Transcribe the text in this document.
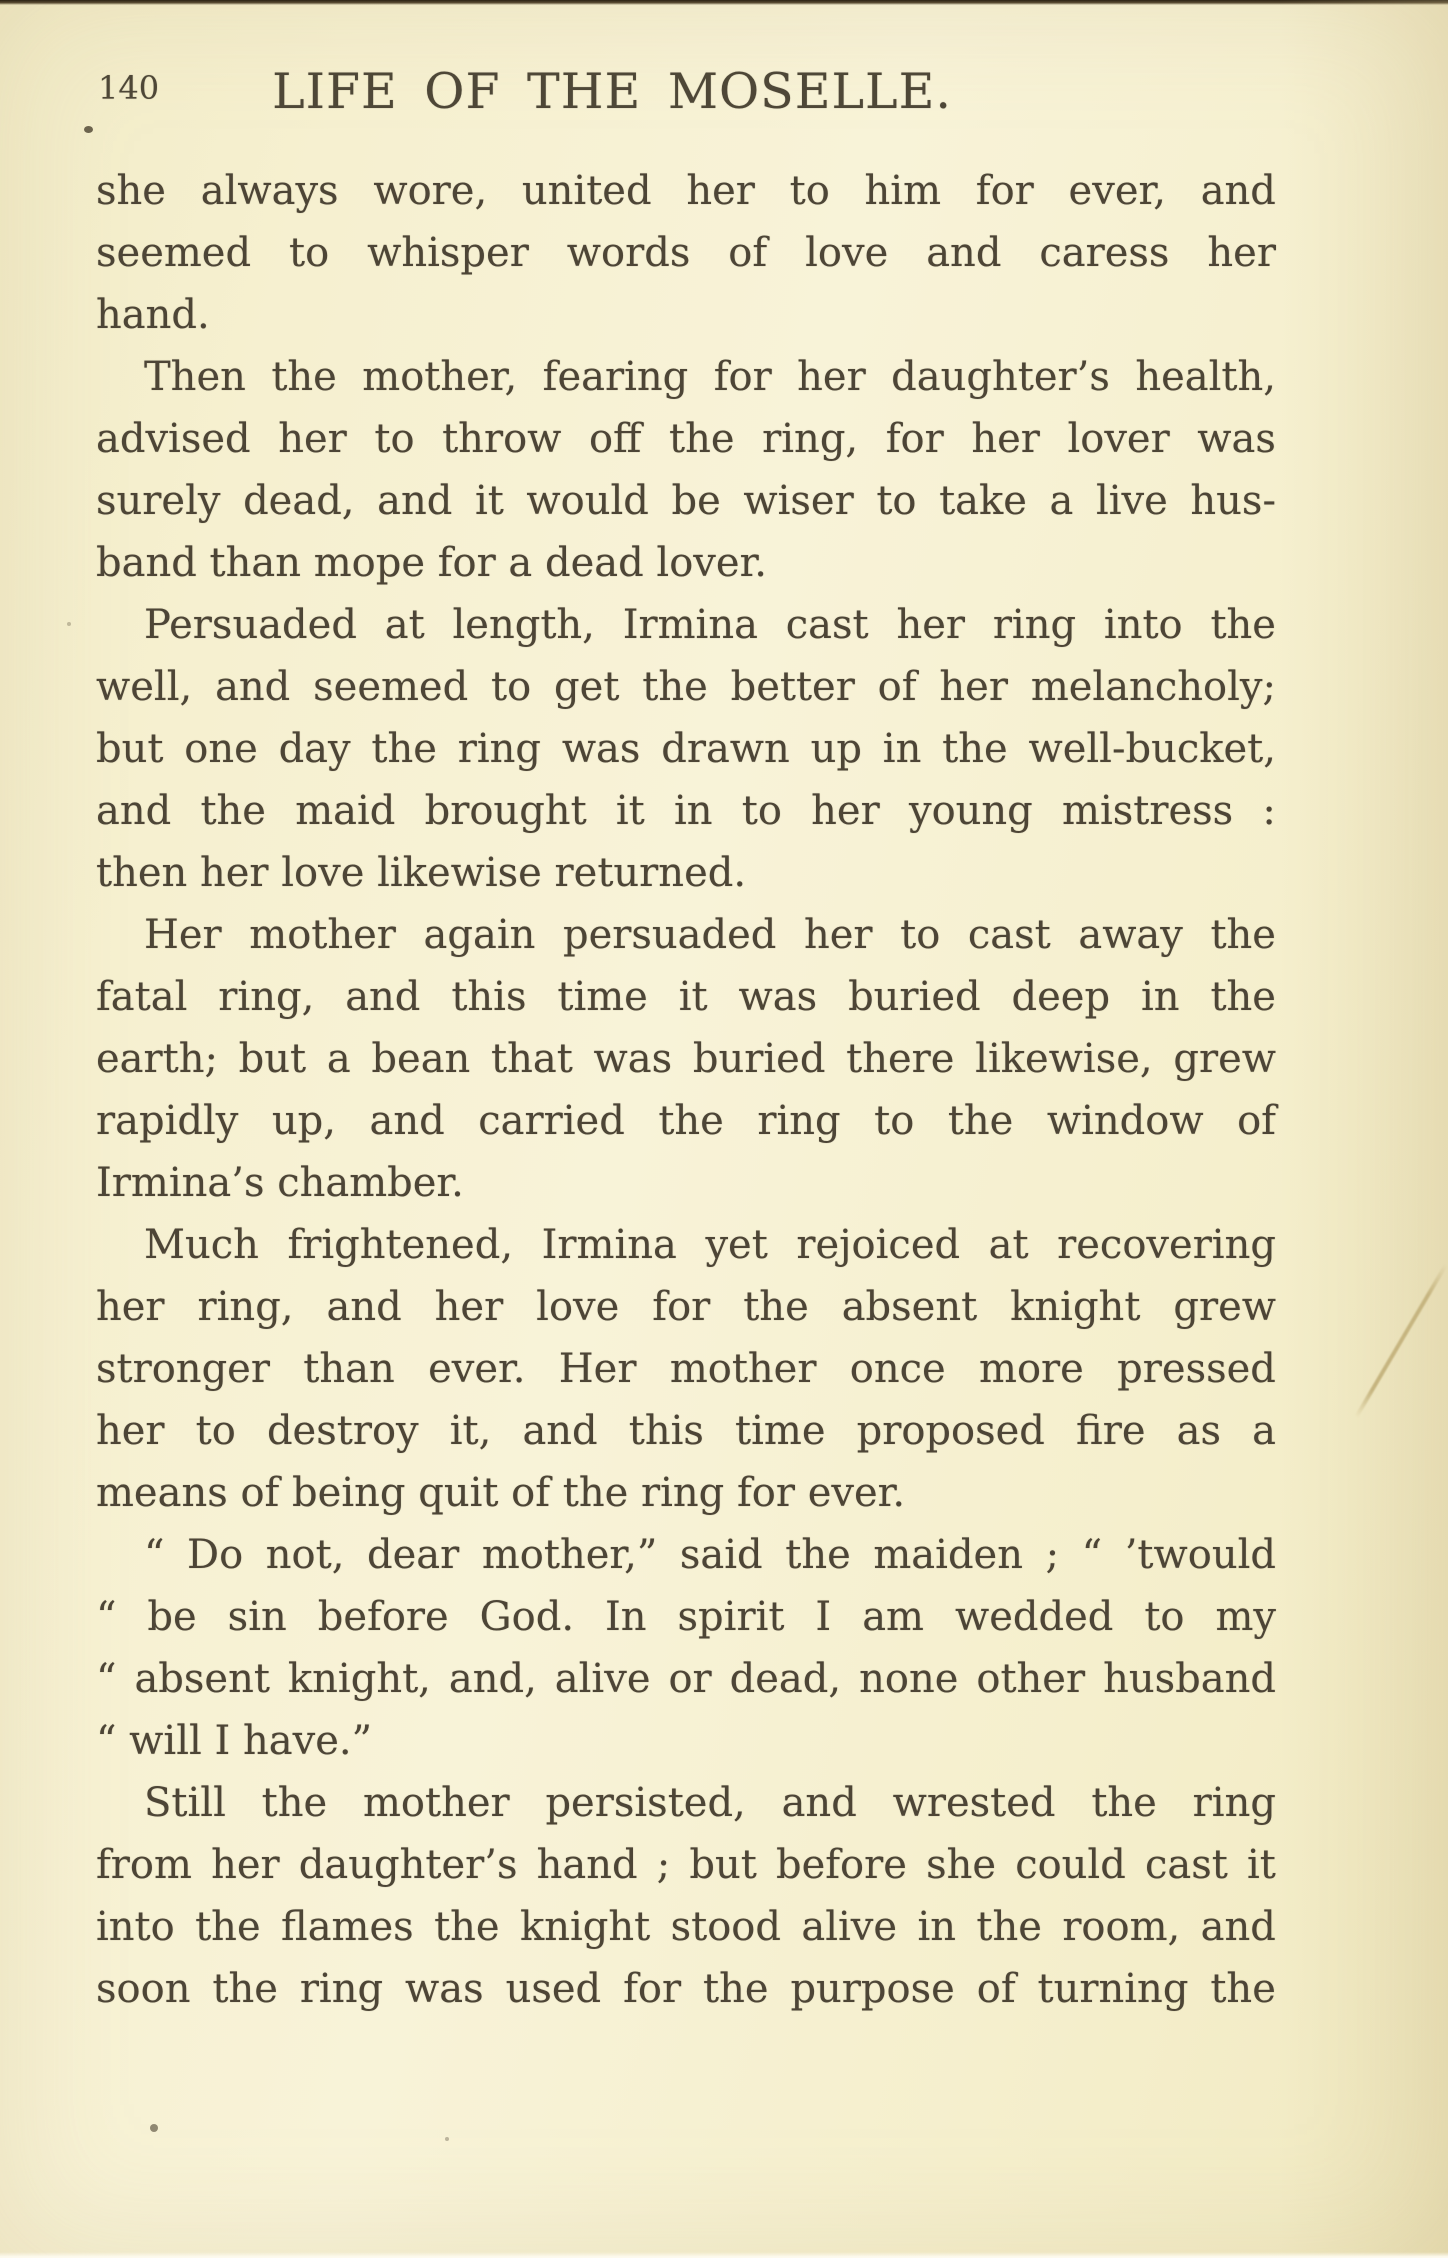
140 LIFE OF THE MOSELLE.
she always wore, united her to him for ever, and
seemed to whisper words of love and caress her
hand.
Then the mother, fearing for her daughter’s health,
advised her to throw off the ring, for her lover was
surely dead, and it would be wiser to take a live hus-
band than mope for a dead lover.
Persuaded at length, Irmina cast her ring into the
well, and seemed to get the better of her melancholy;
but one day the ring was drawn up in the well-bucket,
and the maid brought it in to her young mistress :
then her love likewise returned.
Her mother again persuaded her to cast away the
fatal ring, and this time it was buried deep in the
earth; but a bean that was buried there likewise, grew
rapidly up, and carried the ring to the window of
Irmina’s chamber.
Much frightened, Irmina yet rejoiced at recovering
her ring, and her love for the absent knight grew
stronger than ever. Her mother once more pressed
her to destroy it, and this time proposed fire as a
means of being quit of the ring for ever.
“ Do not, dear mother,” said the maiden ; “ ’twould
“ be sin before God. In spirit I am wedded to my
“ absent knight, and, alive or dead, none other husband
“ will I have.”
Still the mother persisted, and wrested the ring
from her daughter’s hand ; but before she could cast it
into the flames the knight stood alive in the room, and
soon the ring was used for the purpose of turning the
